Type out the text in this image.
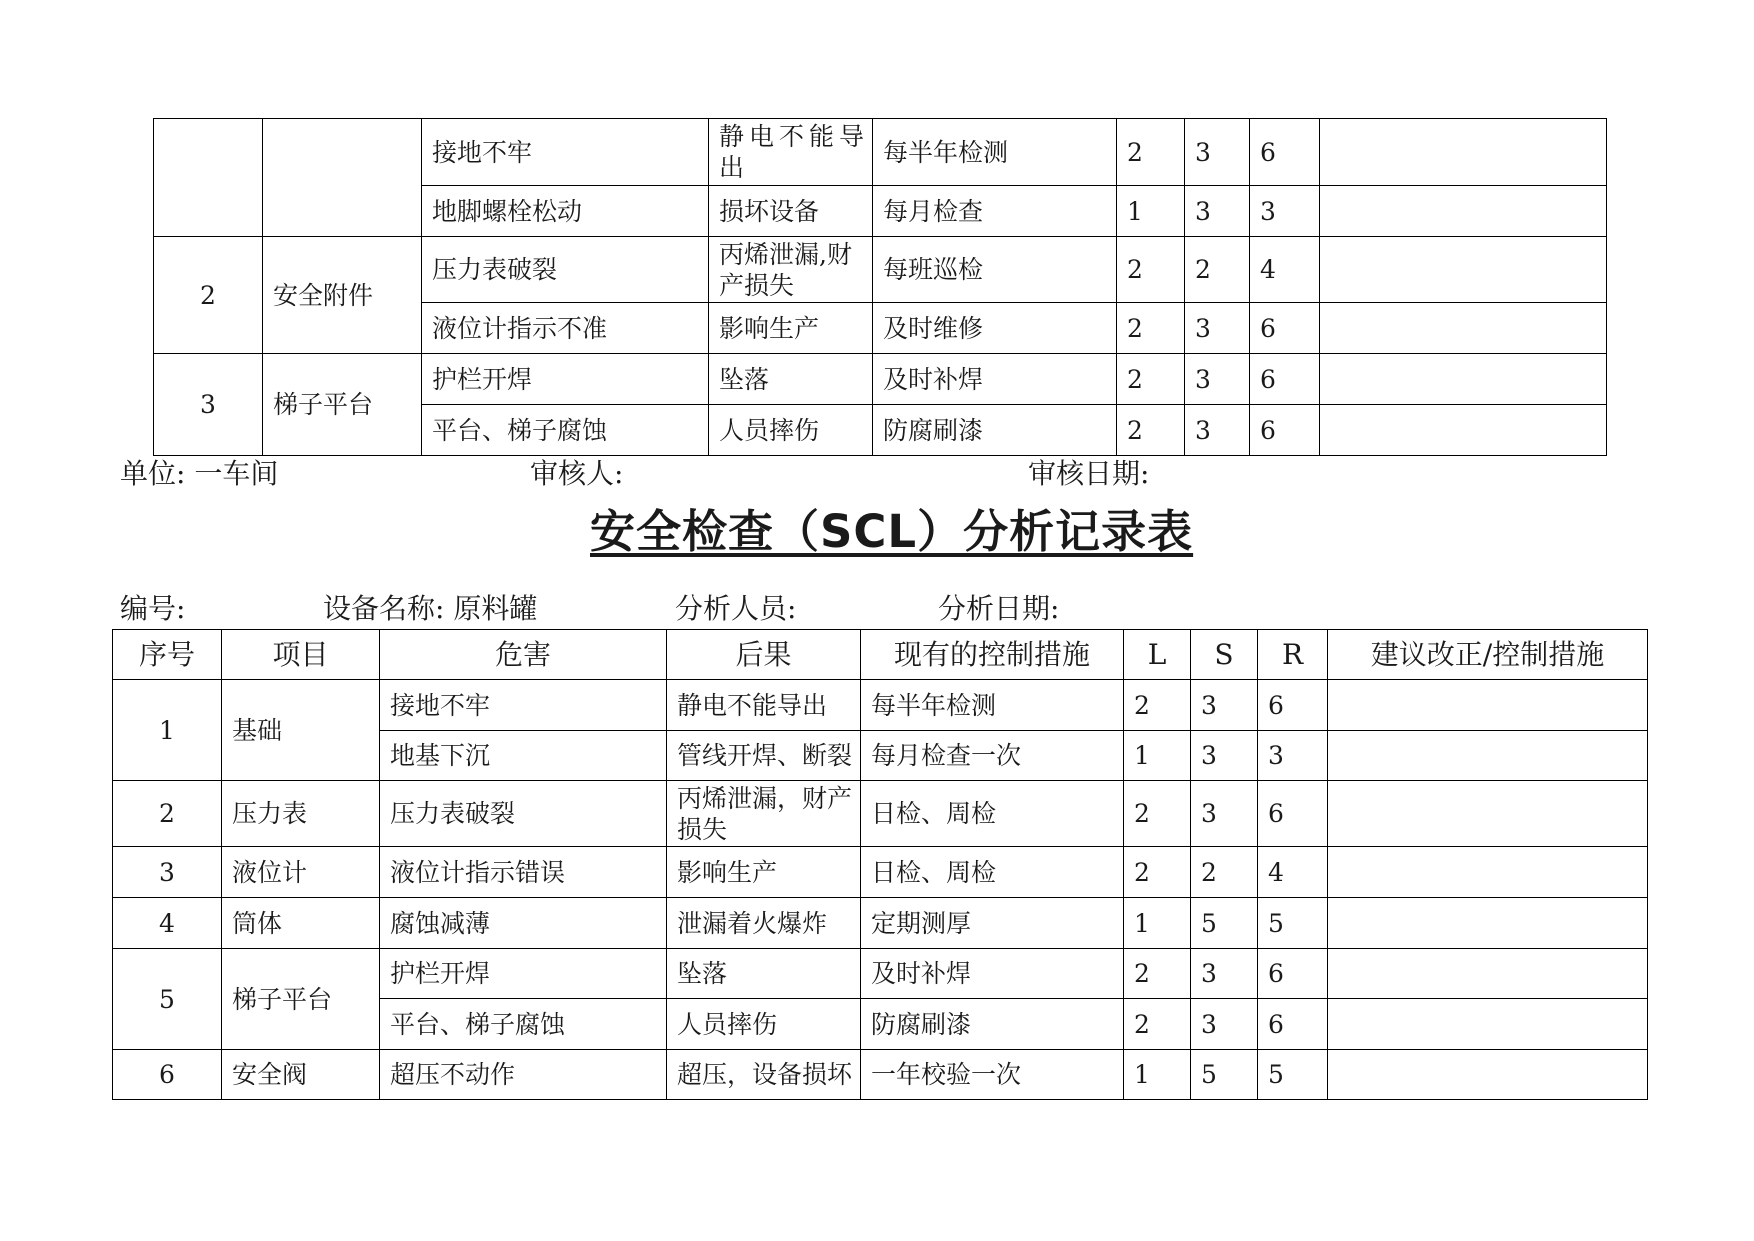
		接地不牢	静电不能导出	每半年检测	2	3	6	
		地脚螺栓松动	损坏设备	每月检查	1	3	3	
2	安全附件	压力表破裂	丙烯泄漏,财产损失	每班巡检	2	2	4	
		液位计指示不准	影响生产	及时维修	2	3	6	
3	梯子平台	护栏开焊	坠落	及时补焊	2	3	6	
		平台、梯子腐蚀	人员摔伤	防腐刷漆	2	3	6	
单位: 一车间	审核人:	审核日期:
安全检查（SCL）分析记录表
编号:	设备名称: 原料罐	分析人员:	分析日期:
序号	项目	危害	后果	现有的控制措施	L	S	R	建议改正/控制措施
1	基础	接地不牢	静电不能导出	每半年检测	2	3	6	
		地基下沉	管线开焊、断裂	每月检查一次	1	3	3	
2	压力表	压力表破裂	丙烯泄漏，财产损失	日检、周检	2	3	6	
3	液位计	液位计指示错误	影响生产	日检、周检	2	2	4	
4	筒体	腐蚀减薄	泄漏着火爆炸	定期测厚	1	5	5	
5	梯子平台	护栏开焊	坠落	及时补焊	2	3	6	
		平台、梯子腐蚀	人员摔伤	防腐刷漆	2	3	6	
6	安全阀	超压不动作	超压，设备损坏	一年校验一次	1	5	5	
